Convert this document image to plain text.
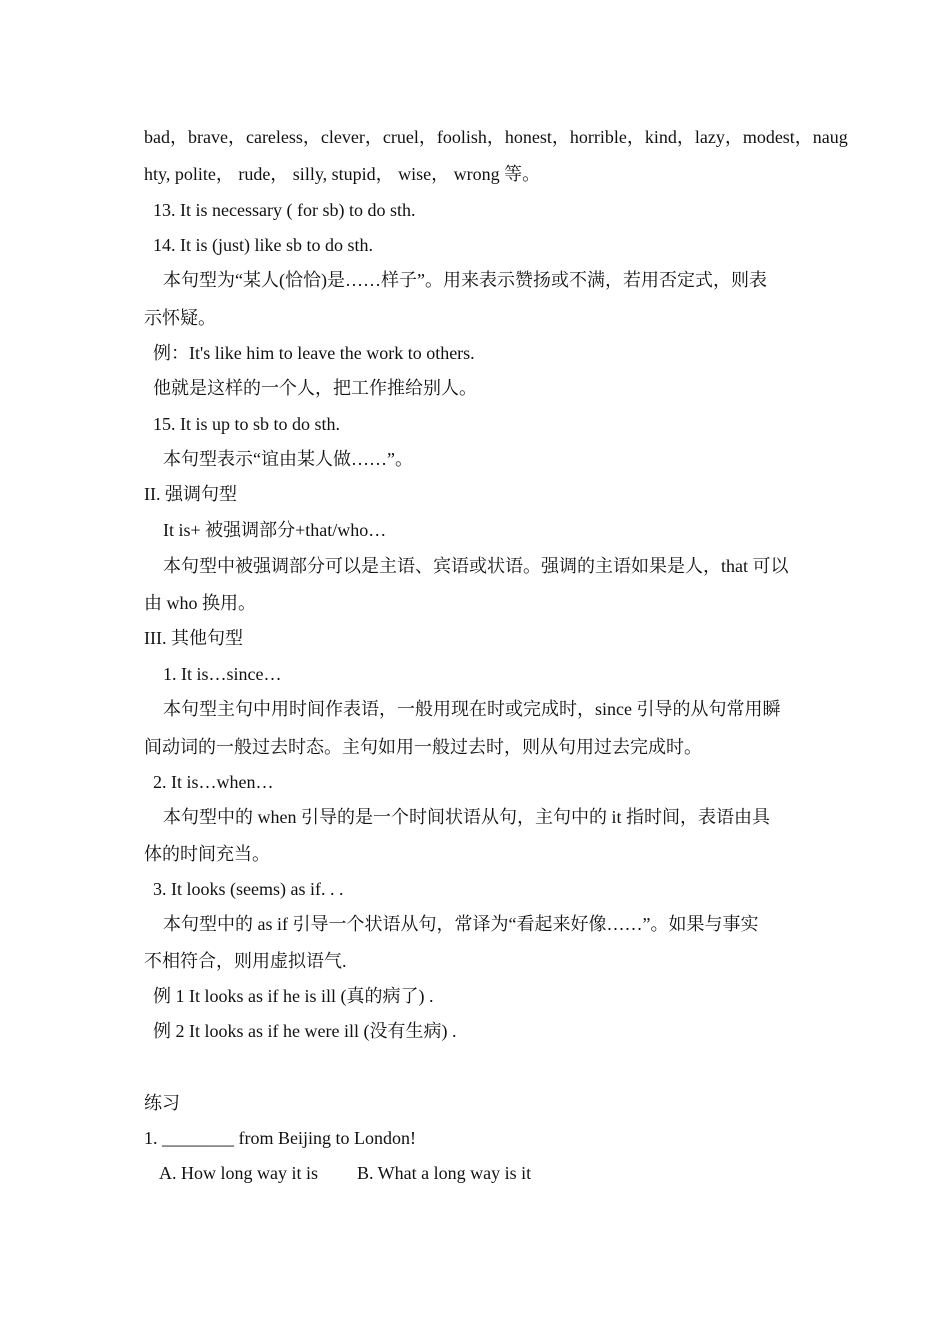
bad，brave，careless，clever，cruel，foolish，honest，horrible，kind，lazy，modest，naug
hty, polite， rude， silly, stupid， wise， wrong 等。
13. It is necessary ( for sb) to do sth.
14. It is (just) like sb to do sth.
本句型为“某人(恰恰)是……样子”。用来表示赞扬或不满，若用否定式，则表
示怀疑。
例：It's like him to leave the work to others.
他就是这样的一个人，把工作推给别人。
15. It is up to sb to do sth.
本句型表示“谊由某人做……”。
II. 强调句型
It is+ 被强调部分+that/who…
本句型中被强调部分可以是主语、宾语或状语。强调的主语如果是人，that 可以
由 who 换用。
III. 其他句型
1. It is…since…
本句型主句中用时间作表语，一般用现在时或完成时，since 引导的从句常用瞬
间动词的一般过去时态。主句如用一般过去时，则从句用过去完成时。
2. It is…when…
本句型中的 when 引导的是一个时间状语从句，主句中的 it 指时间，表语由具
体的时间充当。
3. It looks (seems) as if. . .
本句型中的 as if 引导一个状语从句，常译为“看起来好像……”。如果与事实
不相符合，则用虚拟语气.
例 1 It looks as if he is ill (真的病了) .
例 2 It looks as if he were ill (没有生病) .
练习
1. ________ from Beijing to London!
A. How long way it is B. What a long way is it
